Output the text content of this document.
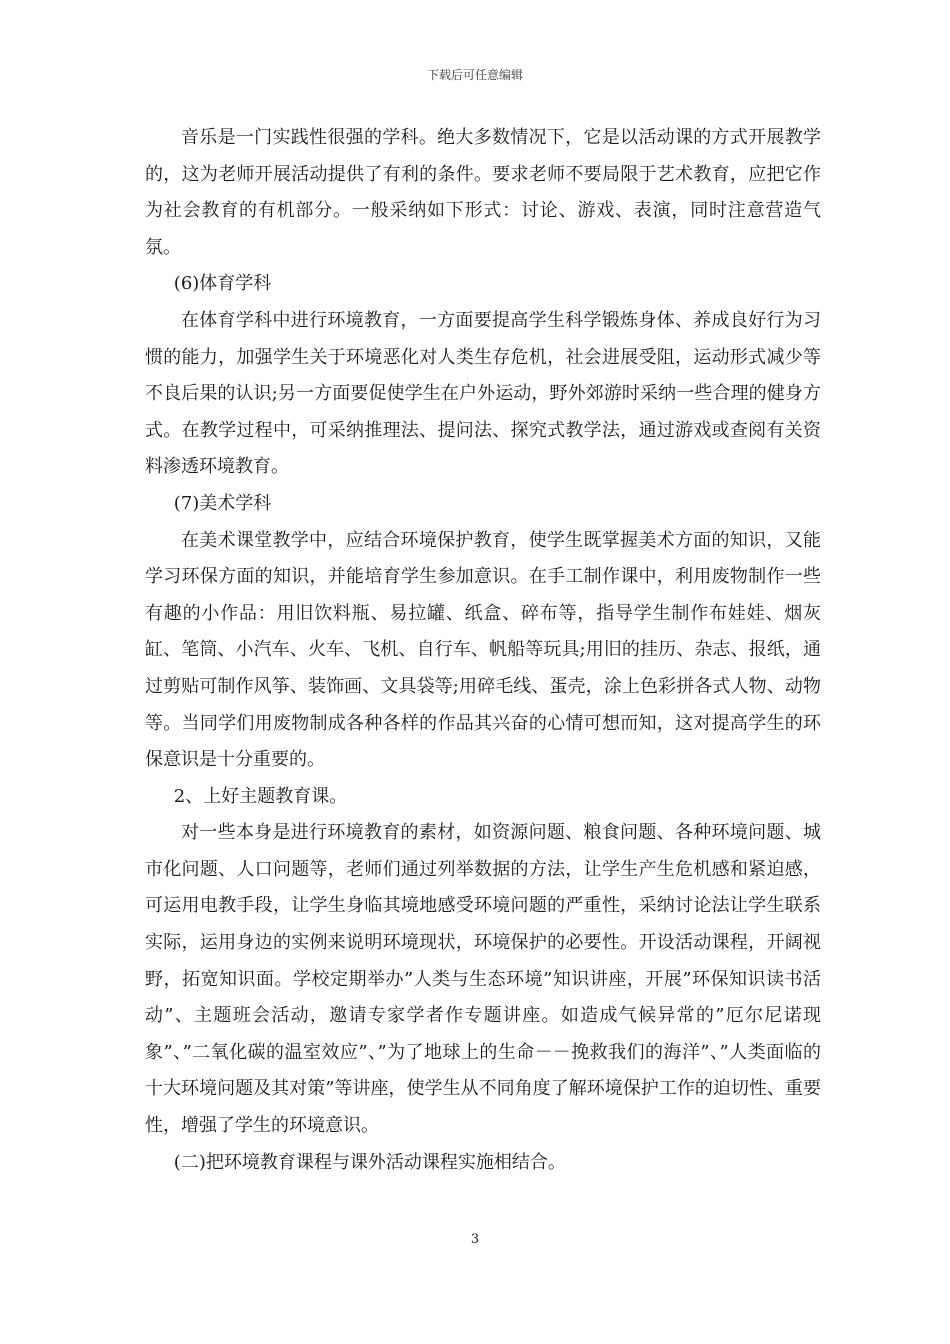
下载后可任意编辑

音乐是一门实践性很强的学科。绝大多数情况下，它是以活动课的方式开展教学的，这为老师开展活动提供了有利的条件。要求老师不要局限于艺术教育，应把它作为社会教育的有机部分。一般采纳如下形式：讨论、游戏、表演，同时注意营造气氛。

(6)体育学科

在体育学科中进行环境教育，一方面要提高学生科学锻炼身体、养成良好行为习惯的能力，加强学生关于环境恶化对人类生存危机，社会进展受阻，运动形式减少等不良后果的认识;另一方面要促使学生在户外运动，野外郊游时采纳一些合理的健身方式。在教学过程中，可采纳推理法、提问法、探究式教学法，通过游戏或查阅有关资料渗透环境教育。

(7)美术学科

在美术课堂教学中，应结合环境保护教育，使学生既掌握美术方面的知识，又能学习环保方面的知识，并能培育学生参加意识。在手工制作课中，利用废物制作一些有趣的小作品：用旧饮料瓶、易拉罐、纸盒、碎布等，指导学生制作布娃娃、烟灰缸、笔筒、小汽车、火车、飞机、自行车、帆船等玩具;用旧的挂历、杂志、报纸，通过剪贴可制作风筝、装饰画、文具袋等;用碎毛线、蛋壳，涂上色彩拼各式人物、动物等。当同学们用废物制成各种各样的作品其兴奋的心情可想而知，这对提高学生的环保意识是十分重要的。

2、上好主题教育课。

对一些本身是进行环境教育的素材，如资源问题、粮食问题、各种环境问题、城市化问题、人口问题等，老师们通过列举数据的方法，让学生产生危机感和紧迫感，可运用电教手段，让学生身临其境地感受环境问题的严重性，采纳讨论法让学生联系实际，运用身边的实例来说明环境现状，环境保护的必要性。开设活动课程，开阔视野，拓宽知识面。学校定期举办”人类与生态环境”知识讲座，开展”环保知识读书活动”、主题班会活动，邀请专家学者作专题讲座。如造成气候异常的”厄尔尼诺现象”、”二氧化碳的温室效应”、”为了地球上的生命－－挽救我们的海洋”、”人类面临的十大环境问题及其对策”等讲座，使学生从不同角度了解环境保护工作的迫切性、重要性，增强了学生的环境意识。

(二)把环境教育课程与课外活动课程实施相结合。

3
